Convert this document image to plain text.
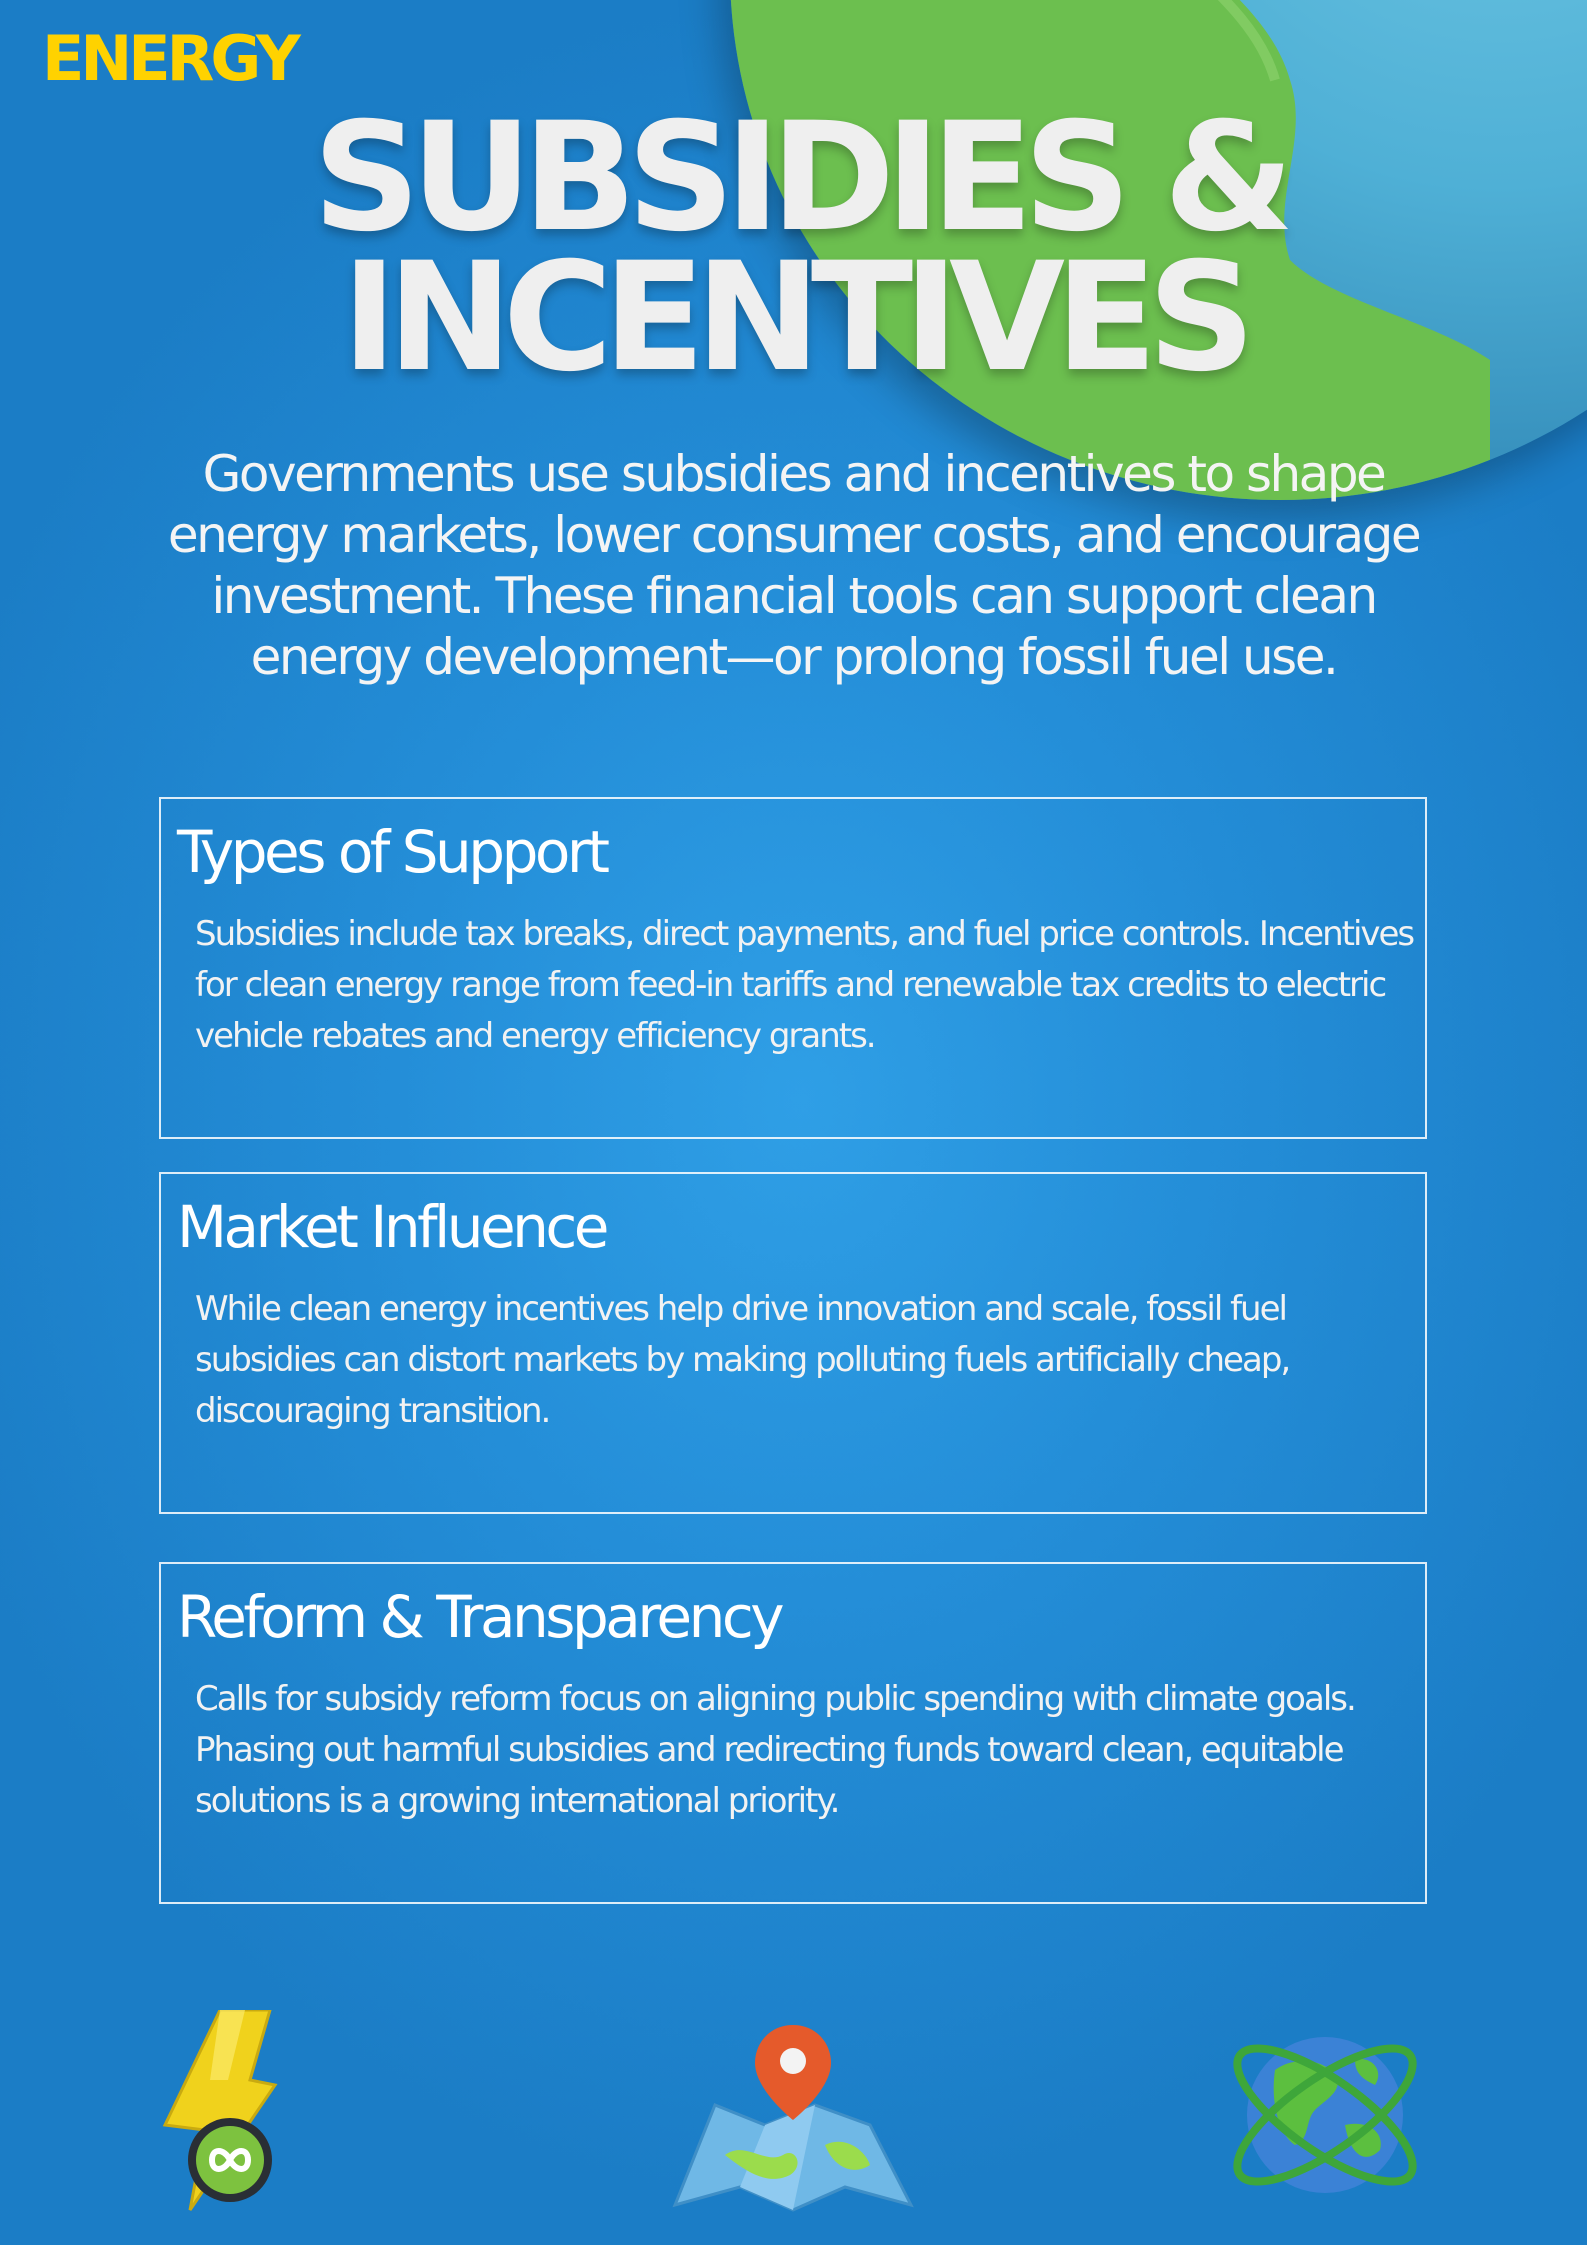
ENERGY
SUBSIDIES &
INCENTIVES
Governments use subsidies and incentives to shape energy markets, lower consumer costs, and encourage investment. These financial tools can support clean energy development—or prolong fossil fuel use.
Types of Support
Subsidies include tax breaks, direct payments, and fuel price controls. Incentives for clean energy range from feed-in tariffs and renewable tax credits to electric vehicle rebates and energy efficiency grants.
Market Influence
While clean energy incentives help drive innovation and scale, fossil fuel subsidies can distort markets by making polluting fuels artificially cheap, discouraging transition.
Reform & Transparency
Calls for subsidy reform focus on aligning public spending with climate goals. Phasing out harmful subsidies and redirecting funds toward clean, equitable solutions is a growing international priority.
